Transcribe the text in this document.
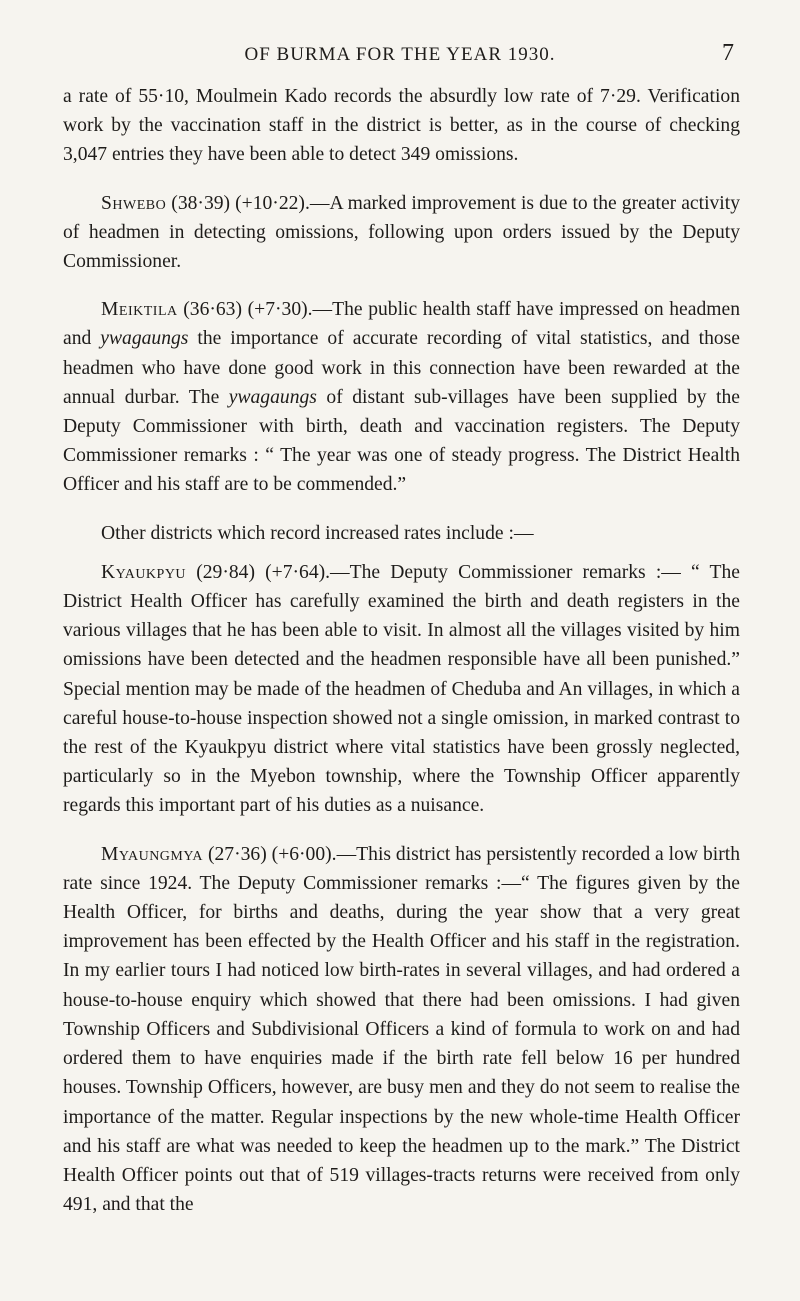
OF BURMA FOR THE YEAR 1930.	7

a rate of 55·10, Moulmein Kado records the absurdly low rate of 7·29. Verification work by the vaccination staff in the district is better, as in the course of checking 3,047 entries they have been able to detect 349 omissions.

Shwebo (38·39) (+10·22).—A marked improvement is due to the greater activity of headmen in detecting omissions, following upon orders issued by the Deputy Commissioner.

Meiktila (36·63) (+7·30).—The public health staff have impressed on headmen and ywagaungs the importance of accurate recording of vital statistics, and those headmen who have done good work in this connection have been rewarded at the annual durbar. The ywagaungs of distant sub-villages have been supplied by the Deputy Commissioner with birth, death and vaccination registers. The Deputy Commissioner remarks : “ The year was one of steady progress. The District Health Officer and his staff are to be commended.”

Other districts which record increased rates include :—

Kyaukpyu (29·84) (+7·64).—The Deputy Commissioner remarks :— “ The District Health Officer has carefully examined the birth and death registers in the various villages that he has been able to visit. In almost all the villages visited by him omissions have been detected and the headmen responsible have all been punished.” Special mention may be made of the headmen of Cheduba and An villages, in which a careful house-to-house inspection showed not a single omission, in marked contrast to the rest of the Kyaukpyu district where vital statistics have been grossly neglected, particularly so in the Myebon township, where the Township Officer apparently regards this important part of his duties as a nuisance.

Myaungmya (27·36) (+6·00).—This district has persistently recorded a low birth rate since 1924. The Deputy Commissioner remarks :—“ The figures given by the Health Officer, for births and deaths, during the year show that a very great improvement has been effected by the Health Officer and his staff in the registration. In my earlier tours I had noticed low birth-rates in several villages, and had ordered a house-to-house enquiry which showed that there had been omissions. I had given Township Officers and Subdivisional Officers a kind of formula to work on and had ordered them to have enquiries made if the birth rate fell below 16 per hundred houses. Township Officers, however, are busy men and they do not seem to realise the importance of the matter. Regular inspections by the new whole-time Health Officer and his staff are what was needed to keep the headmen up to the mark.” The District Health Officer points out that of 519 villages-tracts returns were received from only 491, and that the
